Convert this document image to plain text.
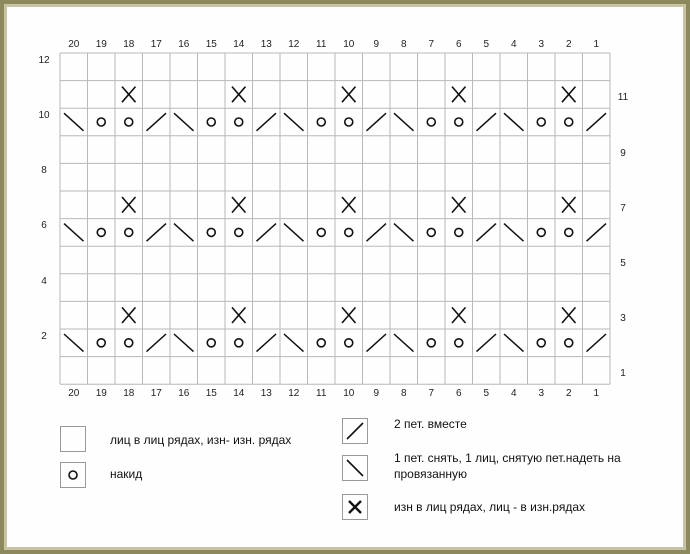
20
20
19
19
18
18
17
17
16
16
15
15
14
14
13
13
12
12
11
11
10
10
9
9
8
8
7
7
6
6
5
5
4
4
3
3
2
2
1
1
12
10
8
6
4
2
11
9
7
5
3
1
лиц в лиц рядах, изн- изн. рядах
накид
2 пет. вместе
1 пет. снять, 1 лиц, снятую пет.надеть на провязанную
изн в лиц рядах, лиц - в изн.рядах
